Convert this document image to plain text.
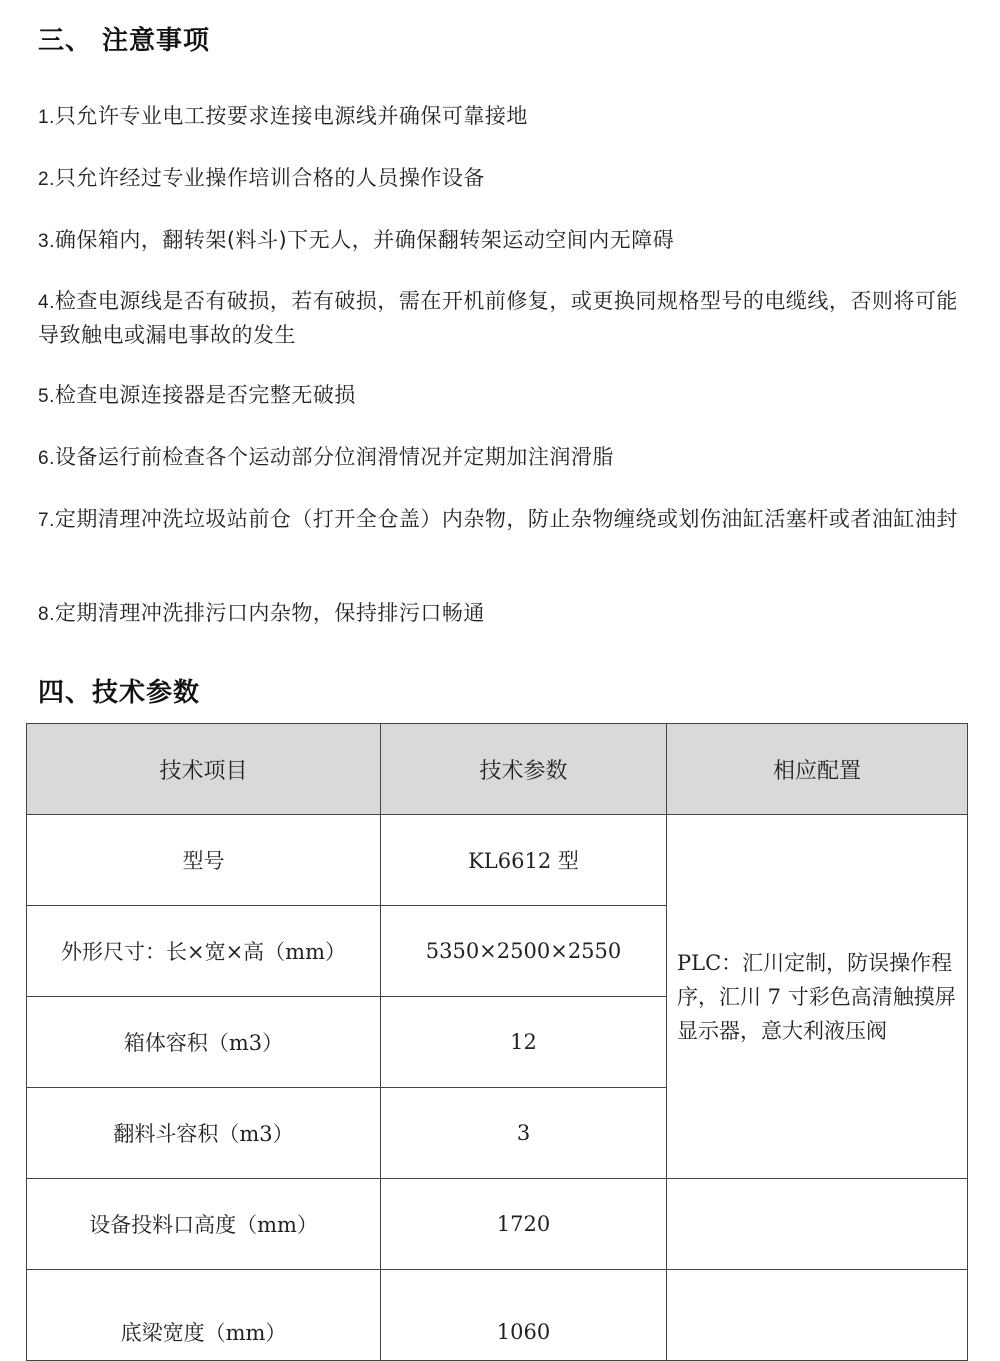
三、 注意事项
1.只允许专业电工按要求连接电源线并确保可靠接地
2.只允许经过专业操作培训合格的人员操作设备
3.确保箱内，翻转架(料斗)下无人，并确保翻转架运动空间内无障碍
4.检查电源线是否有破损，若有破损，需在开机前修复，或更换同规格型号的电缆线，否则将可能导致触电或漏电事故的发生
5.检查电源连接器是否完整无破损
6.设备运行前检查各个运动部分位润滑情况并定期加注润滑脂
7.定期清理冲洗垃圾站前仓（打开全仓盖）内杂物，防止杂物缠绕或划伤油缸活塞杆或者油缸油封
8.定期清理冲洗排污口内杂物，保持排污口畅通
四、技术参数
技术项目	技术参数	相应配置
型号	KL6612 型	PLC：汇川定制，防误操作程序，汇川 7 寸彩色高清触摸屏显示器，意大利液压阀
外形尺寸：长×宽×高（mm）	5350×2500×2550	
箱体容积（m3）	12	
翻料斗容积（m3）	3	
设备投料口高度（mm）	1720	

底梁宽度（mm）	1060	
